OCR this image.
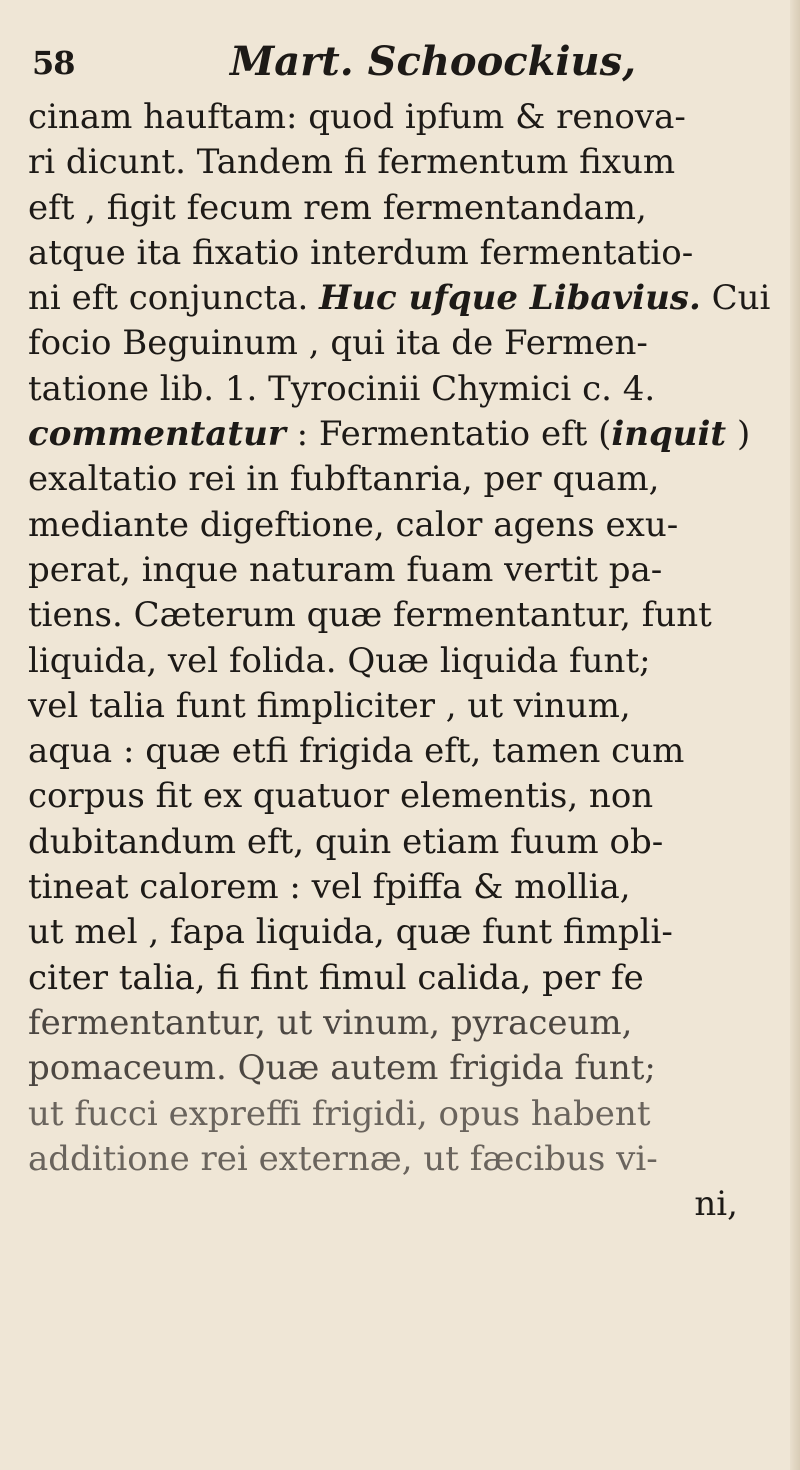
58	Mart. Schoockius,
cinam hauftam: quod ipfum & renova-
ri dicunt. Tandem fi fermentum fixum
eft , figit fecum rem fermentandam,
atque ita fixatio interdum fermentatio-
ni eft conjuncta. Huc ufque Libavius. Cui
focio Beguinum , qui ita de Fermen-
tatione lib. 1. Tyrocinii Chymici c. 4.
commentatur : Fermentatio eft (inquit )
exaltatio rei in fubftanria, per quam,
mediante digeftione, calor agens exu-
perat, inque naturam fuam vertit pa-
tiens. Cæterum quæ fermentantur, funt
liquida, vel folida. Quæ liquida funt;
vel talia funt fimpliciter , ut vinum,
aqua : quæ etfi frigida eft, tamen cum
corpus fit ex quatuor elementis, non
dubitandum eft, quin etiam fuum ob-
tineat calorem : vel fpiffa & mollia,
ut mel , fapa liquida, quæ funt fimpli-
citer talia, fi fint fimul calida, per fe
fermentantur, ut vinum, pyraceum,
pomaceum. Quæ autem frigida funt;
ut fucci expreffi frigidi, opus habent
additione rei externæ, ut fæcibus vi-
ni,
